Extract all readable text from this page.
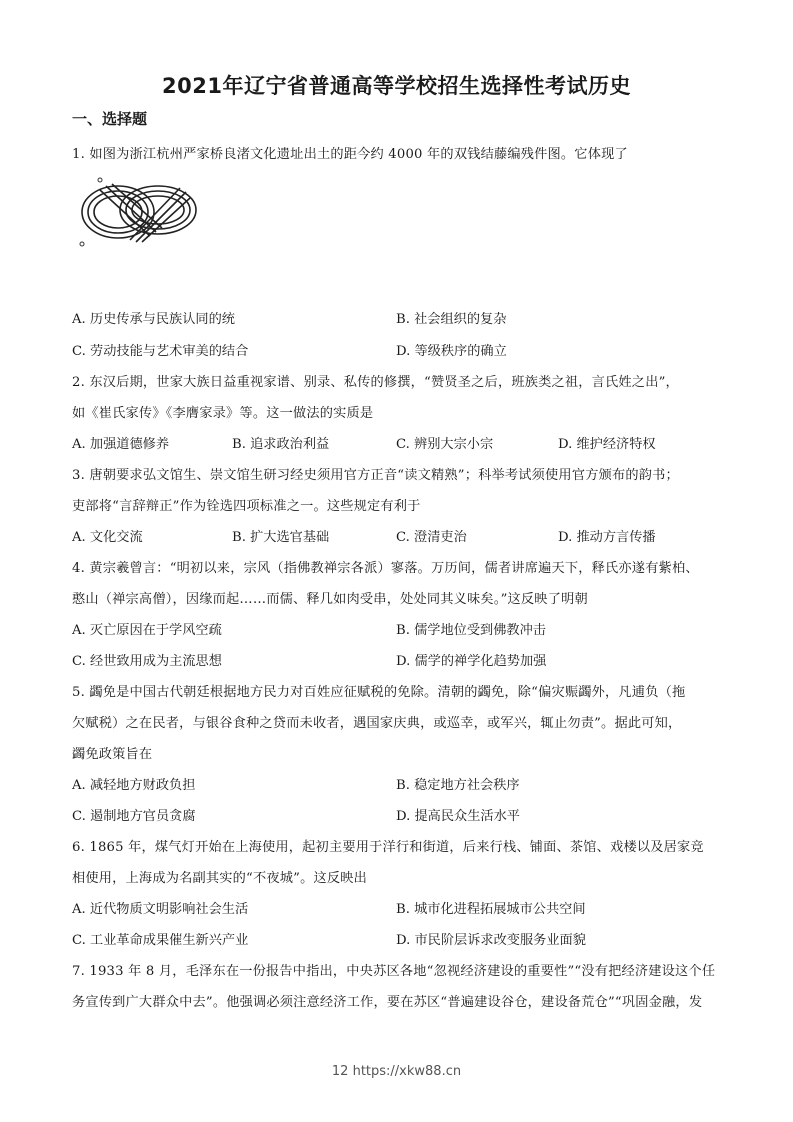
2021年辽宁省普通高等学校招生选择性考试历史
一、选择题
1. 如图为浙江杭州严家桥良渚文化遗址出土的距今约 4000 年的双钱结藤编残件图。它体现了
A. 历史传承与民族认同的统	B. 社会组织的复杂
C. 劳动技能与艺术审美的结合	D. 等级秩序的确立
2. 东汉后期，世家大族日益重视家谱、别录、私传的修撰，“赞贤圣之后，班族类之祖，言氏姓之出”，
如《崔氏家传》《李膺家录》等。这一做法的实质是
A. 加强道德修养	B. 追求政治利益	C. 辨别大宗小宗	D. 维护经济特权
3. 唐朝要求弘文馆生、崇文馆生研习经史须用官方正音“读文精熟”；科举考试须使用官方颁布的韵书；
吏部将“言辞辩正”作为铨选四项标准之一。这些规定有利于
A. 文化交流	B. 扩大选官基础	C. 澄清吏治	D. 推动方言传播
4. 黄宗羲曾言：“明初以来，宗风（指佛教禅宗各派）寥落。万历间，儒者讲席遍天下，释氏亦遂有紫柏、
憨山（禅宗高僧），因缘而起……而儒、释几如肉受串，处处同其义味矣。”这反映了明朝
A. 灭亡原因在于学风空疏	B. 儒学地位受到佛教冲击
C. 经世致用成为主流思想	D. 儒学的禅学化趋势加强
5. 蠲免是中国古代朝廷根据地方民力对百姓应征赋税的免除。清朝的蠲免，除“偏灾赈蠲外，凡逋负（拖
欠赋税）之在民者，与银谷食种之贷而未收者，遇国家庆典，或巡幸，或军兴，辄止勿责”。据此可知，
蠲免政策旨在
A. 减轻地方财政负担	B. 稳定地方社会秩序
C. 遏制地方官员贪腐	D. 提高民众生活水平
6. 1865 年，煤气灯开始在上海使用，起初主要用于洋行和街道，后来行栈、铺面、茶馆、戏楼以及居家竞
相使用，上海成为名副其实的“不夜城”。这反映出
A. 近代物质文明影响社会生活	B. 城市化进程拓展城市公共空间
C. 工业革命成果催生新兴产业	D. 市民阶层诉求改变服务业面貌
7. 1933 年 8 月，毛泽东在一份报告中指出，中央苏区各地“忽视经济建设的重要性”“没有把经济建设这个任
务宣传到广大群众中去”。他强调必须注意经济工作，要在苏区“普遍建设谷仓，建设备荒仓”“巩固金融，发
12 https://xkw88.cn
